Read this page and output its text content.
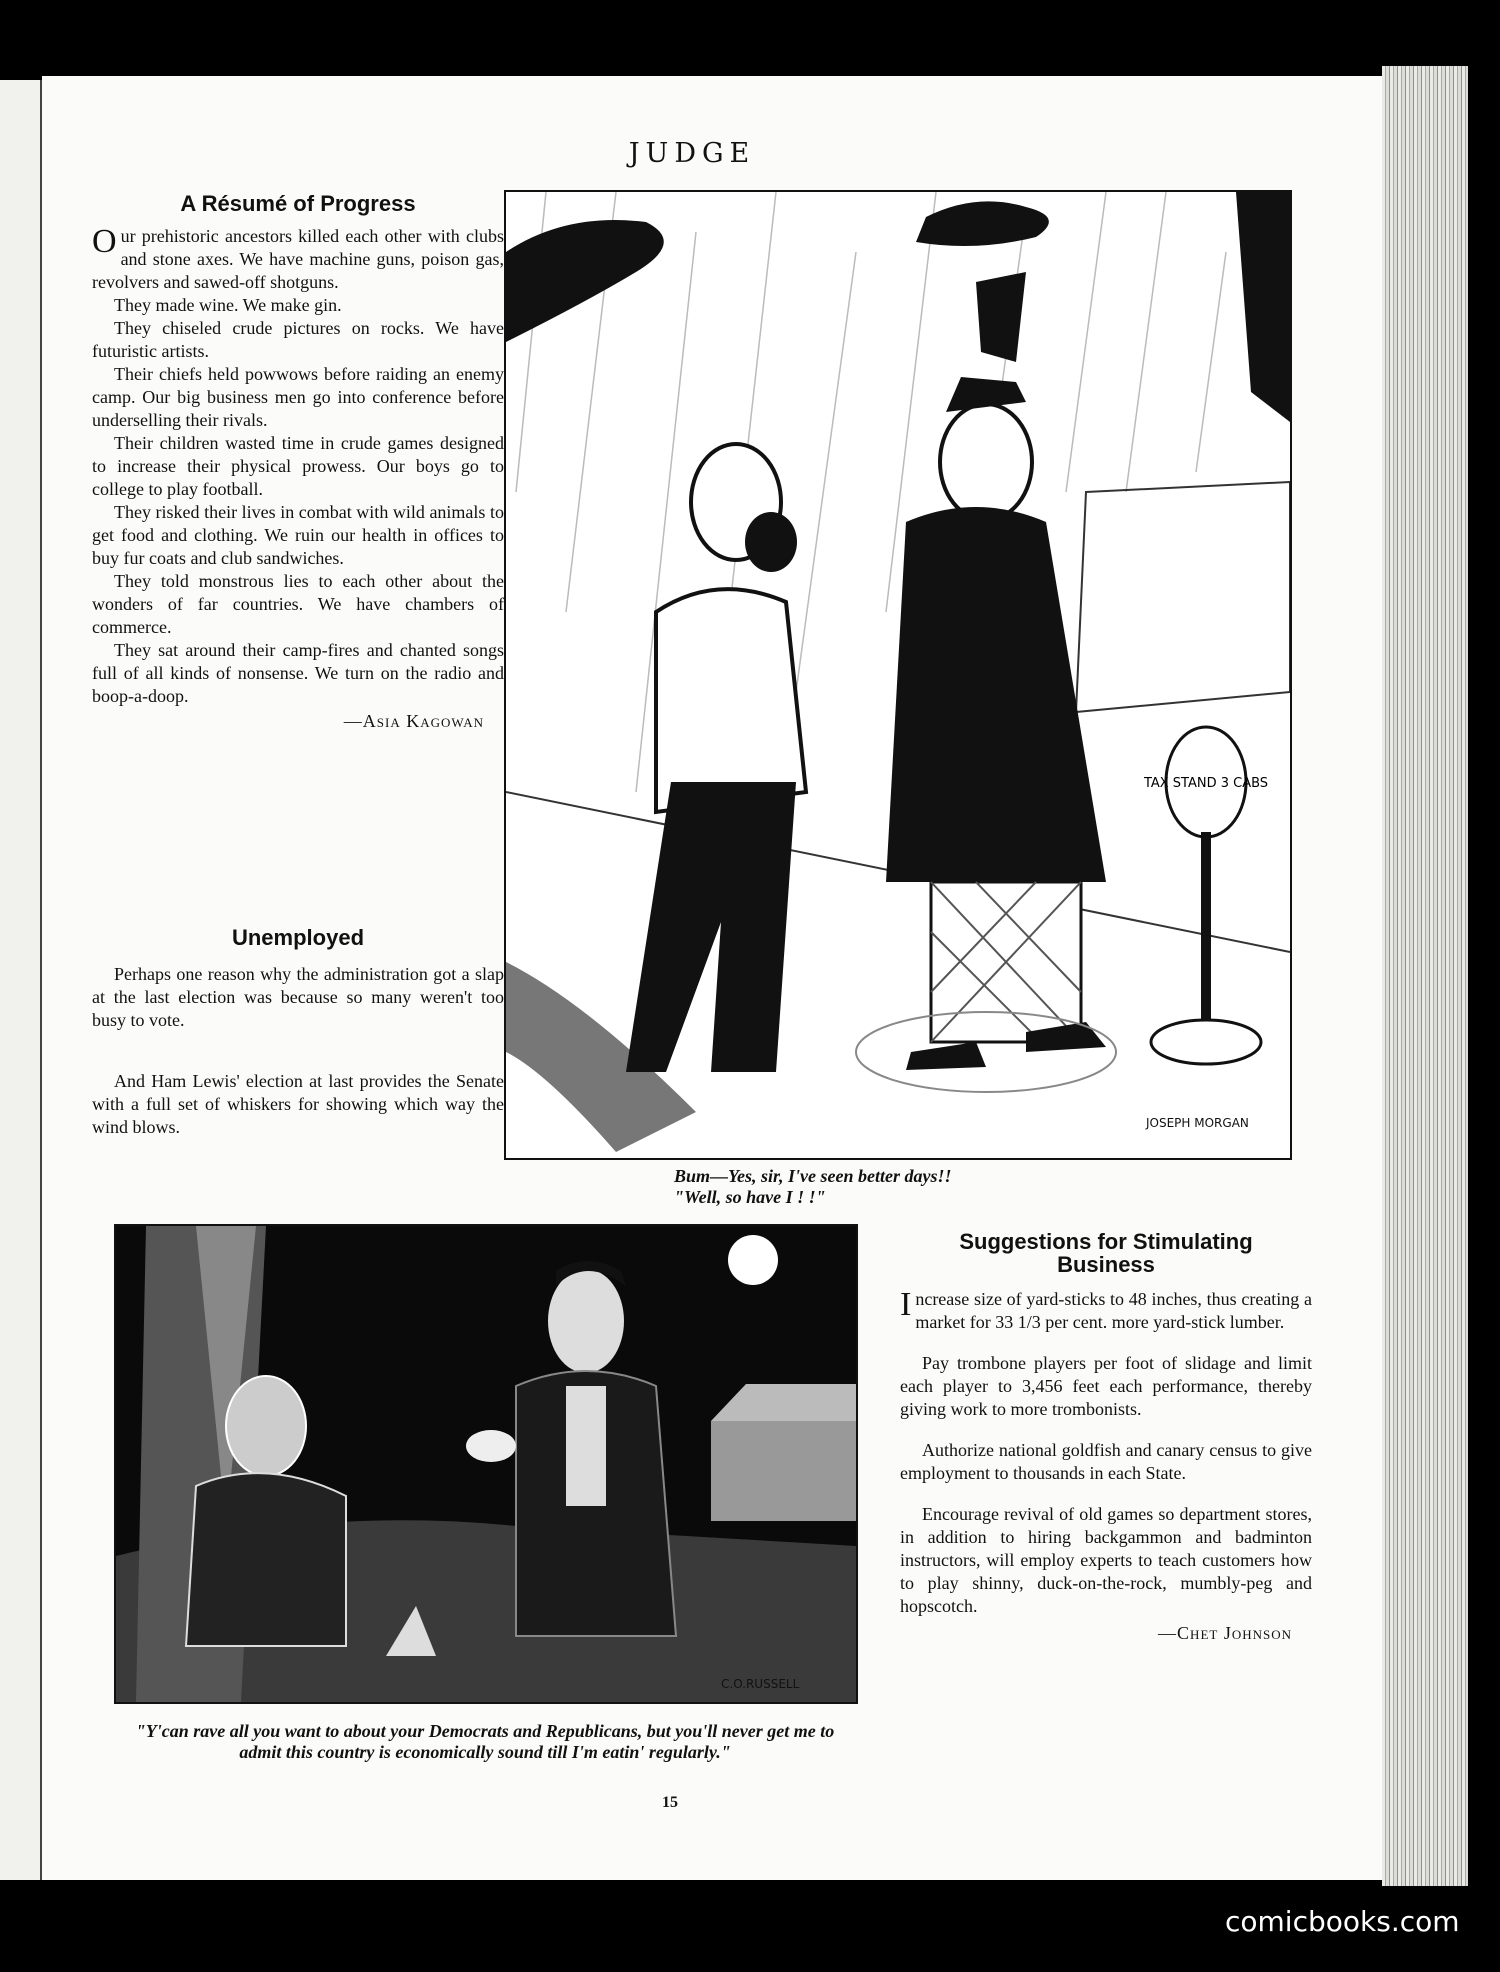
JUDGE
A Résumé of Progress

Our prehistoric ancestors killed each other with clubs and stone axes. We have machine guns, poison gas, revolvers and sawed-off shotguns.

They made wine. We make gin.

They chiseled crude pictures on rocks. We have futuristic artists.

Their chiefs held powwows before raiding an enemy camp. Our big business men go into conference before underselling their rivals.

Their children wasted time in crude games designed to increase their physical prowess. Our boys go to college to play football.

They risked their lives in combat with wild animals to get food and clothing. We ruin our health in offices to buy fur coats and club sandwiches.

They told monstrous lies to each other about the wonders of far countries. We have chambers of commerce.

They sat around their camp-fires and chanted songs full of all kinds of nonsense. We turn on the radio and boop-a-doop.

—Asia Kagowan

Unemployed

Perhaps one reason why the administration got a slap at the last election was because so many weren't too busy to vote.

And Ham Lewis' election at last provides the Senate with a full set of whiskers for showing which way the wind blows.

TAX STAND 3 CABS
JOSEPH MORGAN
Bum—Yes, sir, I've seen better days!!
"Well, so have I ! !"
C.O.RUSSELL
"Y'can rave all you want to about your Democrats and Republicans, but you'll never get me to admit this country is economically sound till I'm eatin' regularly."
Suggestions for Stimulating Business

Increase size of yard-sticks to 48 inches, thus creating a market for 33 1/3 per cent. more yard-stick lumber.

Pay trombone players per foot of slidage and limit each player to 3,456 feet each performance, thereby giving work to more trombonists.

Authorize national goldfish and canary census to give employment to thousands in each State.

Encourage revival of old games so department stores, in addition to hiring backgammon and badminton instructors, will employ experts to teach customers how to play shinny, duck-on-the-rock, mumbly-peg and hopscotch.

—Chet Johnson

15
comicbooks.com
